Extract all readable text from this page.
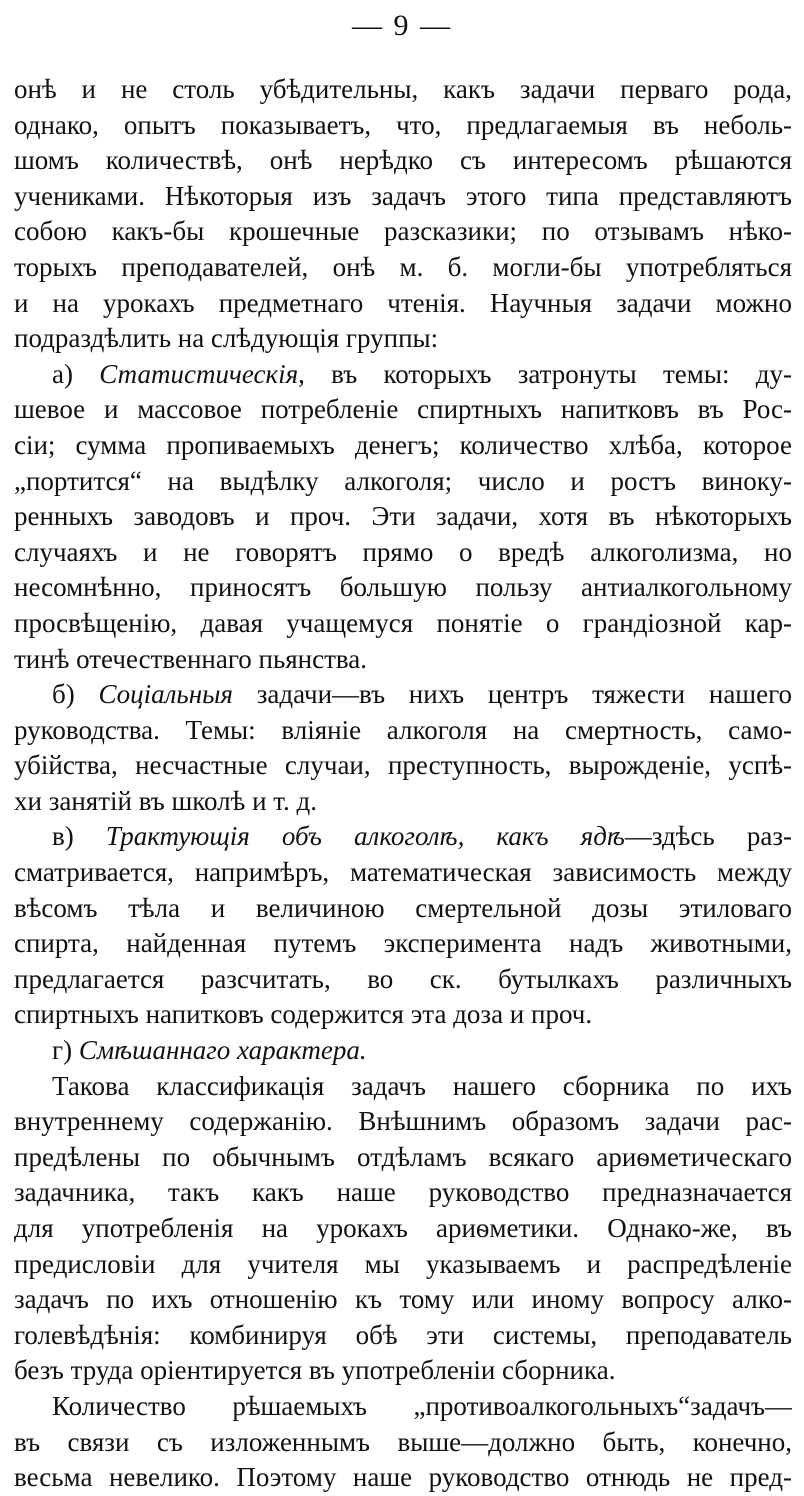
— 9 —
онѣ и не столь убѣдительны, какъ задачи перваго рода,
однако, опытъ показываетъ, что, предлагаемыя въ неболь-
шомъ количествѣ, онѣ нерѣдко съ интересомъ рѣшаются
учениками. Нѣкоторыя изъ задачъ этого типа представляютъ
собою какъ-бы крошечные разсказики; по отзывамъ нѣко-
торыхъ преподавателей, онѣ м. б. могли-бы употребляться
и на урокахъ предметнаго чтенія. Научныя задачи можно
подраздѣлить на слѣдующія группы:
а) Статистическія, въ которыхъ затронуты темы: ду-
шевое и массовое потребленіе спиртныхъ напитковъ въ Рос-
сіи; сумма пропиваемыхъ денегъ; количество хлѣба, которое
„портится“ на выдѣлку алкоголя; число и ростъ виноку-
ренныхъ заводовъ и проч. Эти задачи, хотя въ нѣкоторыхъ
случаяхъ и не говорятъ прямо о вредѣ алкоголизма, но
несомнѣнно, приносятъ большую пользу антиалкогольному
просвѣщенію, давая учащемуся понятіе о грандіозной кар-
тинѣ отечественнаго пьянства.
б) Соціальныя задачи—въ нихъ центръ тяжести нашего
руководства. Темы: вліяніе алкоголя на смертность, само-
убійства, несчастные случаи, преступность, вырожденіе, успѣ-
хи занятій въ школѣ и т. д.
в) Трактующія объ алкоголѣ, какъ ядѣ—здѣсь раз-
сматривается, напримѣръ, математическая зависимость между
вѣсомъ тѣла и величиною смертельной дозы этиловаго
спирта, найденная путемъ эксперимента надъ животными,
предлагается разсчитать, во ск. бутылкахъ различныхъ
спиртныхъ напитковъ содержится эта доза и проч.
г) Смѣшаннаго характера.
Такова классификація задачъ нашего сборника по ихъ
внутреннему содержанію. Внѣшнимъ образомъ задачи рас-
предѣлены по обычнымъ отдѣламъ всякаго ариѳметическаго
задачника, такъ какъ наше руководство предназначается
для употребленія на урокахъ ариѳметики. Однако-же, въ
предисловіи для учителя мы указываемъ и распредѣленіе
задачъ по ихъ отношенію къ тому или иному вопросу алко-
голевѣдѣнія: комбинируя обѣ эти системы, преподаватель
безъ труда оріентируется въ употребленіи сборника.
Количество рѣшаемыхъ „противоалкогольныхъ“задачъ—
въ связи съ изложеннымъ выше—должно быть, конечно,
весьма невелико. Поэтому наше руководство отнюдь не пред-
